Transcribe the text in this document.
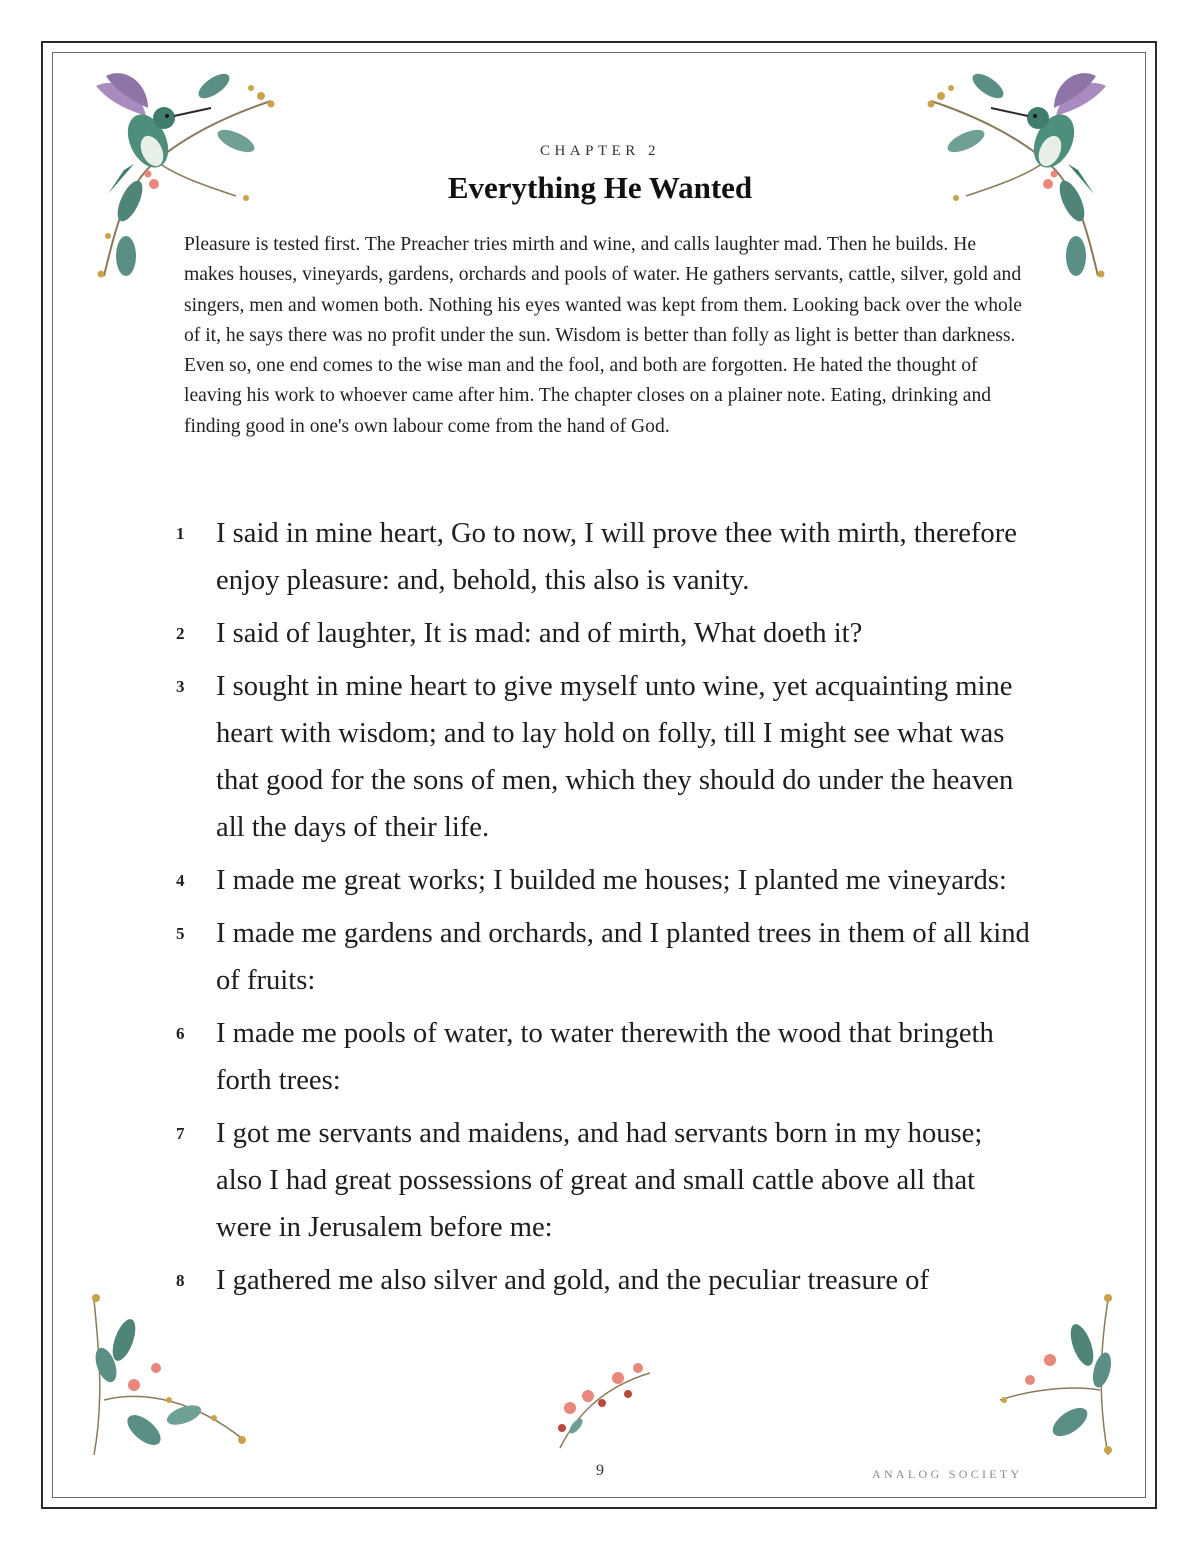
CHAPTER 2
Everything He Wanted

Pleasure is tested first. The Preacher tries mirth and wine, and calls laughter mad. Then he builds. He makes houses, vineyards, gardens, orchards and pools of water. He gathers servants, cattle, silver, gold and singers, men and women both. Nothing his eyes wanted was kept from them. Looking back over the whole of it, he says there was no profit under the sun. Wisdom is better than folly as light is better than darkness. Even so, one end comes to the wise man and the fool, and both are forgotten. He hated the thought of leaving his work to whoever came after him. The chapter closes on a plainer note. Eating, drinking and finding good in one's own labour come from the hand of God.

1 I said in mine heart, Go to now, I will prove thee with mirth, therefore enjoy pleasure: and, behold, this also is vanity.
2 I said of laughter, It is mad: and of mirth, What doeth it?
3 I sought in mine heart to give myself unto wine, yet acquainting mine heart with wisdom; and to lay hold on folly, till I might see what was that good for the sons of men, which they should do under the heaven all the days of their life.
4 I made me great works; I builded me houses; I planted me vineyards:
5 I made me gardens and orchards, and I planted trees in them of all kind of fruits:
6 I made me pools of water, to water therewith the wood that bringeth forth trees:
7 I got me servants and maidens, and had servants born in my house; also I had great possessions of great and small cattle above all that were in Jerusalem before me:
8 I gathered me also silver and gold, and the peculiar treasure of
9	ANALOG SOCIETY
